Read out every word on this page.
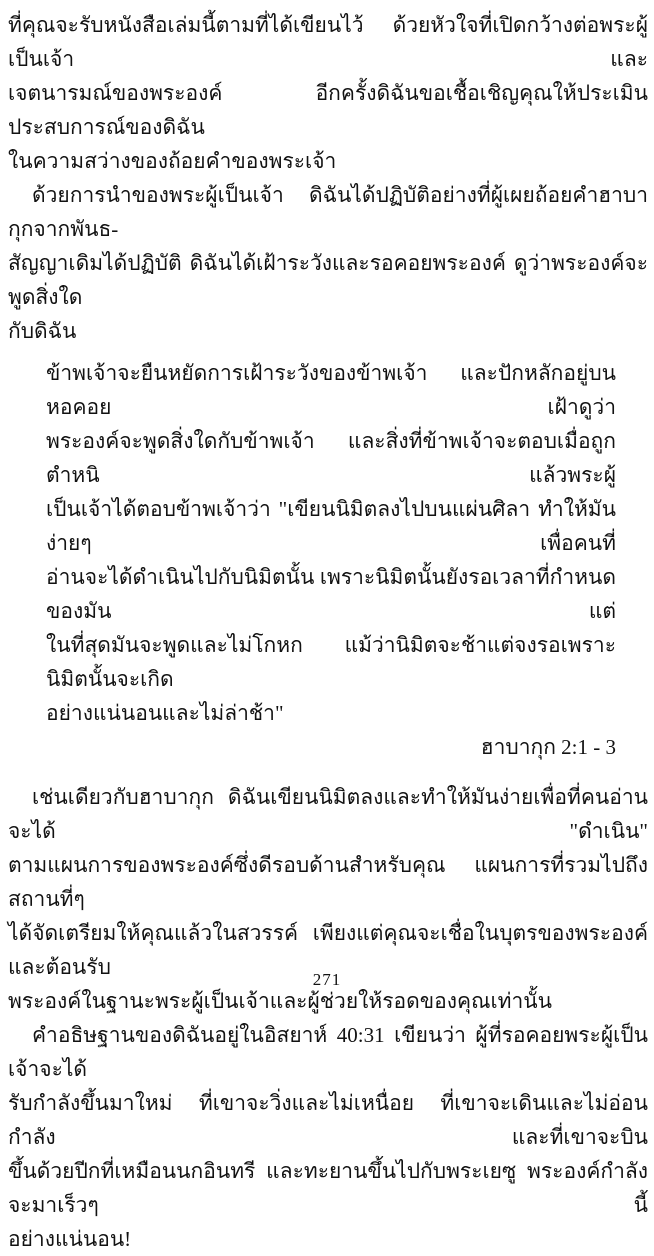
ที่คุณจะรับหนังสือเล่มนี้ตามที่ได้เขียนไว้ ด้วยหัวใจที่เปิดกว้างต่อพระผู้เป็นเจ้า และ
เจตนารมณ์ของพระองค์ อีกครั้งดิฉันขอเชื้อเชิญคุณให้ประเมินประสบการณ์ของดิฉัน
ในความสว่างของถ้อยคำของพระเจ้า
ด้วยการนำของพระผู้เป็นเจ้า ดิฉันได้ปฏิบัติอย่างที่ผู้เผยถ้อยคำฮาบากุกจากพันธ-
สัญญาเดิมได้ปฏิบัติ ดิฉันได้เฝ้าระวังและรอคอยพระองค์ ดูว่าพระองค์จะพูดสิ่งใด
กับดิฉัน
ข้าพเจ้าจะยืนหยัดการเฝ้าระวังของข้าพเจ้า และปักหลักอยู่บนหอคอย เฝ้าดูว่า
พระองค์จะพูดสิ่งใดกับข้าพเจ้า และสิ่งที่ข้าพเจ้าจะตอบเมื่อถูกตำหนิ แล้วพระผู้
เป็นเจ้าได้ตอบข้าพเจ้าว่า "เขียนนิมิตลงไปบนแผ่นศิลา ทำให้มันง่ายๆ เพื่อคนที่
อ่านจะได้ดำเนินไปกับนิมิตนั้น เพราะนิมิตนั้นยังรอเวลาที่กำหนดของมัน แต่
ในที่สุดมันจะพูดและไม่โกหก แม้ว่านิมิตจะช้าแต่จงรอเพราะนิมิตนั้นจะเกิด
อย่างแน่นอนและไม่ล่าช้า"
ฮาบากุก 2:1 - 3
เช่นเดียวกับฮาบากุก ดิฉันเขียนนิมิตลงและทำให้มันง่ายเพื่อที่คนอ่านจะได้ "ดำเนิน"
ตามแผนการของพระองค์ซึ่งดีรอบด้านสำหรับคุณ แผนการที่รวมไปถึงสถานที่ๆ
ได้จัดเตรียมให้คุณแล้วในสวรรค์ เพียงแต่คุณจะเชื่อในบุตรของพระองค์และต้อนรับ
พระองค์ในฐานะพระผู้เป็นเจ้าและผู้ช่วยให้รอดของคุณเท่านั้น
คำอธิษฐานของดิฉันอยู่ในอิสยาห์ 40:31 เขียนว่า ผู้ที่รอคอยพระผู้เป็นเจ้าจะได้
รับกำลังขึ้นมาใหม่ ที่เขาจะวิ่งและไม่เหนื่อย ที่เขาจะเดินและไม่อ่อนกำลัง และที่เขาจะบิน
ขึ้นด้วยปีกที่เหมือนนกอินทรี และทะยานขึ้นไปกับพระเยซู พระองค์กำลังจะมาเร็วๆ นี้
อย่างแน่นอน!
271
